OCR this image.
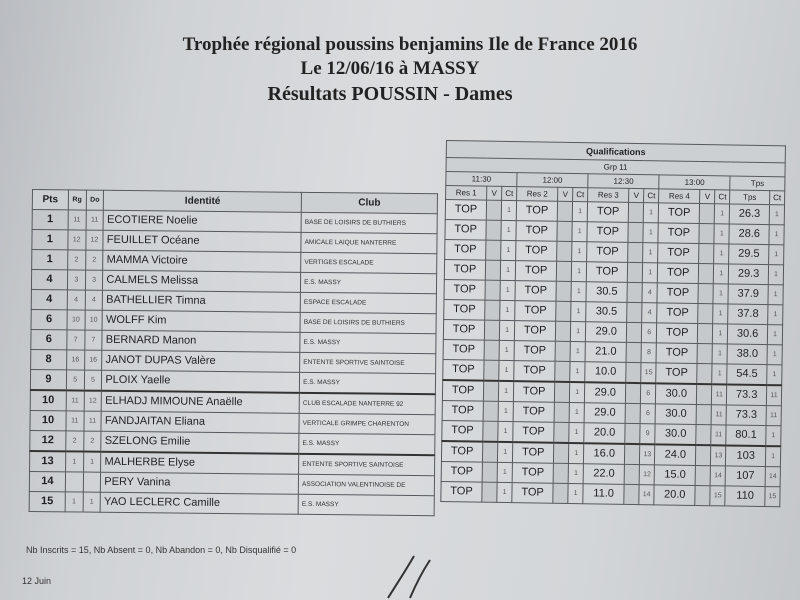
Trophée régional poussins benjamins Ile de France 2016
Le 12/06/16 à MASSY
Résultats POUSSIN - Dames
Pts	Rg	Do	Identité	Club
1	11	11	ECOTIERE Noelie	BASE DE LOISIRS DE BUTHIERS
1	12	12	FEUILLET Océane	AMICALE LAIQUE NANTERRE
1	2	2	MAMMA Victoire	VERTIGES ESCALADE
4	3	3	CALMELS Melissa	E.S. MASSY
4	4	4	BATHELLIER Timna	ESPACE ESCALADE
6	10	10	WOLFF Kim	BASE DE LOISIRS DE BUTHIERS
6	7	7	BERNARD Manon	E.S. MASSY
8	16	16	JANOT DUPAS Valère	ENTENTE SPORTIVE SAINTOISE
9	5	5	PLOIX Yaelle	E.S. MASSY
10	11	12	ELHADJ MIMOUNE Anaëlle	CLUB ESCALADE NANTERRE 92
10	11	11	FANDJAITAN Eliana	VERTICALE GRIMPE CHARENTON
12	2	2	SZELONG Emilie	E.S. MASSY
13	1	1	MALHERBE Elyse	ENTENTE SPORTIVE SAINTOISE
14			PERY Vanina	ASSOCIATION VALENTINOISE DE
15	1	1	YAO LECLERC Camille	E.S. MASSY
Qualifications													
Grp 11													
11:30			12:00			12:30			13:00			Tps	
Res 1	V	Ct	Res 2	V	Ct	Res 3	V	Ct	Res 4	V	Ct	Tps	Ct
TOP		1	TOP		1	TOP		1	TOP		1	26.3	1
TOP		1	TOP		1	TOP		1	TOP		1	28.6	1
TOP		1	TOP		1	TOP		1	TOP		1	29.5	1
TOP		1	TOP		1	TOP		1	TOP		1	29.3	1
TOP		1	TOP		1	30.5		4	TOP		1	37.9	1
TOP		1	TOP		1	30.5		4	TOP		1	37.8	1
TOP		1	TOP		1	29.0		6	TOP		1	30.6	1
TOP		1	TOP		1	21.0		8	TOP		1	38.0	1
TOP		1	TOP		1	10.0		15	TOP		1	54.5	1
TOP		1	TOP		1	29.0		6	30.0		11	73.3	11
TOP		1	TOP		1	29.0		6	30.0		11	73.3	11
TOP		1	TOP		1	20.0		9	30.0		11	80.1	1
TOP		1	TOP		1	16.0		13	24.0		13	103	1
TOP		1	TOP		1	22.0		12	15.0		14	107	14
TOP		1	TOP		1	11.0		14	20.0		15	110	15
Nb Inscrits = 15, Nb Absent = 0, Nb Abandon = 0, Nb Disqualifié = 0
12 Juin
